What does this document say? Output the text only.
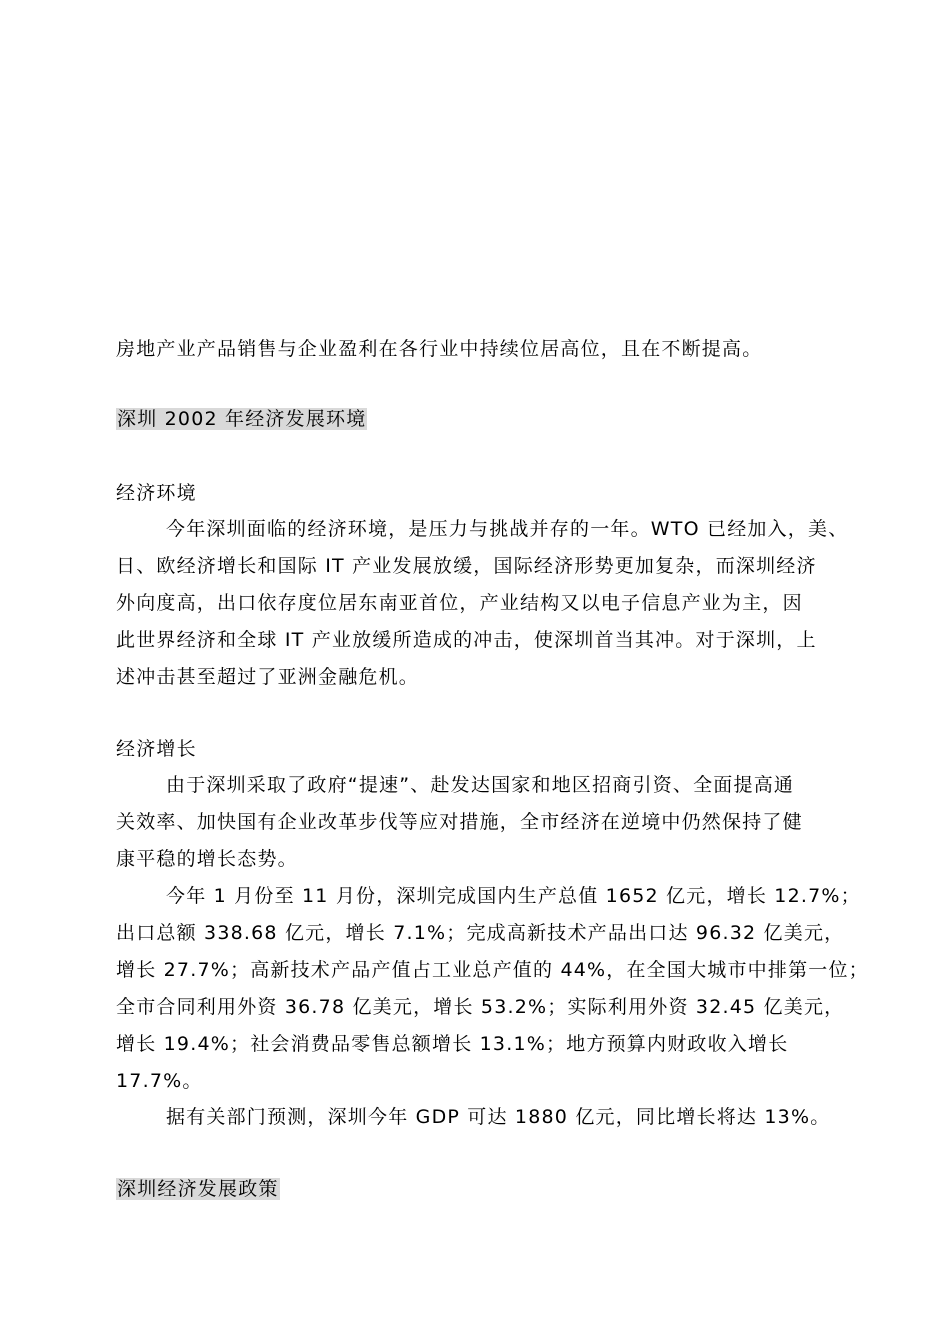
房地产业产品销售与企业盈利在各行业中持续位居高位，且在不断提高。
深圳 2002 年经济发展环境
经济环境
今年深圳面临的经济环境，是压力与挑战并存的一年。WTO 已经加入，美、
日、欧经济增长和国际 IT 产业发展放缓，国际经济形势更加复杂，而深圳经济
外向度高，出口依存度位居东南亚首位，产业结构又以电子信息产业为主，因
此世界经济和全球 IT 产业放缓所造成的冲击，使深圳首当其冲。对于深圳，上
述冲击甚至超过了亚洲金融危机。
经济增长
由于深圳采取了政府“提速”、赴发达国家和地区招商引资、全面提高通
关效率、加快国有企业改革步伐等应对措施，全市经济在逆境中仍然保持了健
康平稳的增长态势。
今年 1 月份至 11 月份，深圳完成国内生产总值 1652 亿元，增长 12.7%；
出口总额 338.68 亿元，增长 7.1%；完成高新技术产品出口达 96.32 亿美元，
增长 27.7%；高新技术产品产值占工业总产值的 44%，在全国大城市中排第一位；
全市合同利用外资 36.78 亿美元，增长 53.2%；实际利用外资 32.45 亿美元，
增长 19.4%；社会消费品零售总额增长 13.1%；地方预算内财政收入增长
17.7%。
据有关部门预测，深圳今年 GDP 可达 1880 亿元，同比增长将达 13%。
深圳经济发展政策
